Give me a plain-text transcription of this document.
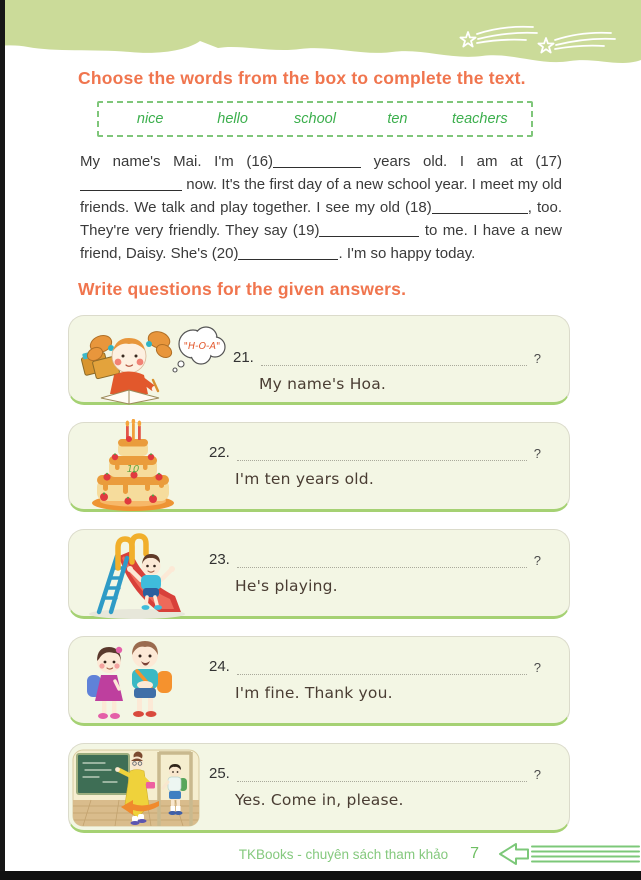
Choose the words from the box to complete the text.
nice	hello	school	ten	teachers

My name's Mai. I'm (16)	years old. I am at (17) now. It's the first day of a new school year. I meet my old friends. We talk and play together. I see my old (18)	, too. They're very friendly. They say (19)	to me. I have a new friend, Daisy. She's (20)	. I'm so happy today.

Write questions for the given answers.
"H-O-A"
21.	?
My name's Hoa.
10
22.	?
I'm ten years old.
23.	?
He's playing.
24.	?
I'm fine. Thank you.
25.	?
Yes. Come in, please.
TKBooks - chuyên sách tham khảo 7
